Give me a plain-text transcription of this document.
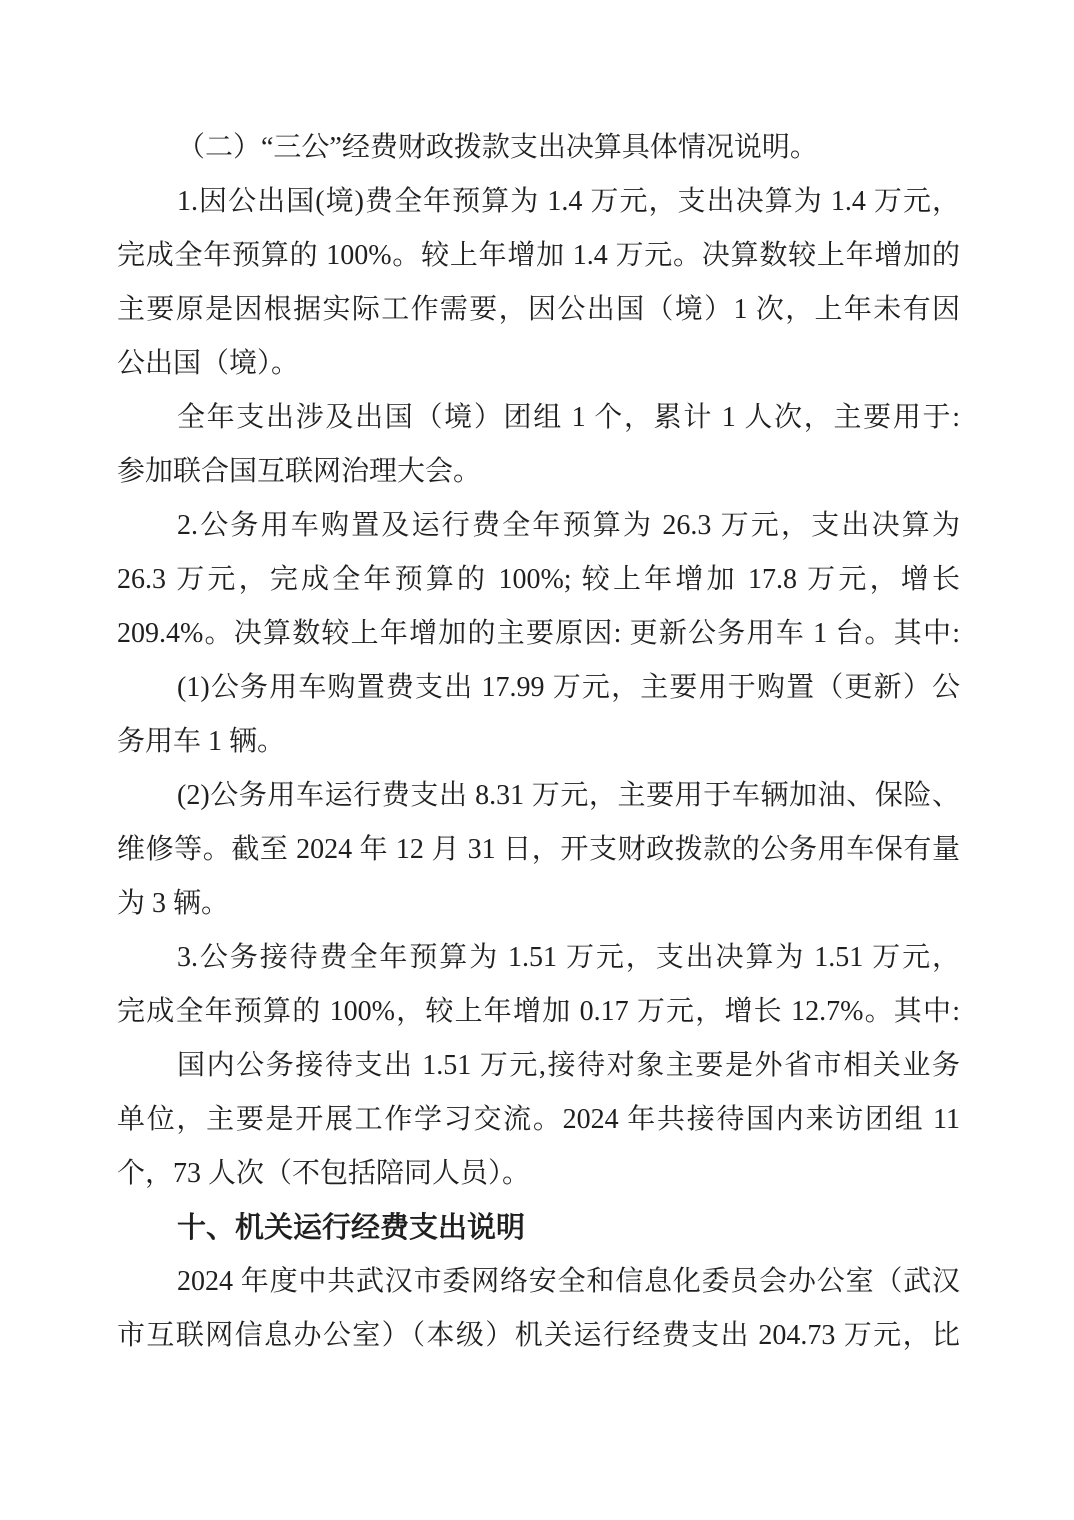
（二）“三公”经费财政拨款支出决算具体情况说明。
1.因公出国(境)费全年预算为 1.4 万元，支出决算为 1.4 万元，
完成全年预算的 100%。较上年增加 1.4 万元。决算数较上年增加的
主要原是因根据实际工作需要，因公出国（境）1 次，上年未有因
公出国（境）。
全年支出涉及出国（境）团组 1 个，累计 1 人次，主要用于:
参加联合国互联网治理大会。
2.公务用车购置及运行费全年预算为 26.3 万元，支出决算为
26.3 万元，完成全年预算的 100%; 较上年增加 17.8 万元，增长
209.4%。决算数较上年增加的主要原因: 更新公务用车 1 台。其中:
(1)公务用车购置费支出 17.99 万元，主要用于购置（更新）公
务用车 1 辆。
(2)公务用车运行费支出 8.31 万元，主要用于车辆加油、保险、
维修等。截至 2024 年 12 月 31 日，开支财政拨款的公务用车保有量
为 3 辆。
3.公务接待费全年预算为 1.51 万元，支出决算为 1.51 万元，
完成全年预算的 100%，较上年增加 0.17 万元，增长 12.7%。其中:
国内公务接待支出 1.51 万元,接待对象主要是外省市相关业务
单位，主要是开展工作学习交流。2024 年共接待国内来访团组 11
个，73 人次（不包括陪同人员）。
十、机关运行经费支出说明
2024 年度中共武汉市委网络安全和信息化委员会办公室（武汉
市互联网信息办公室）（本级）机关运行经费支出 204.73 万元，比
